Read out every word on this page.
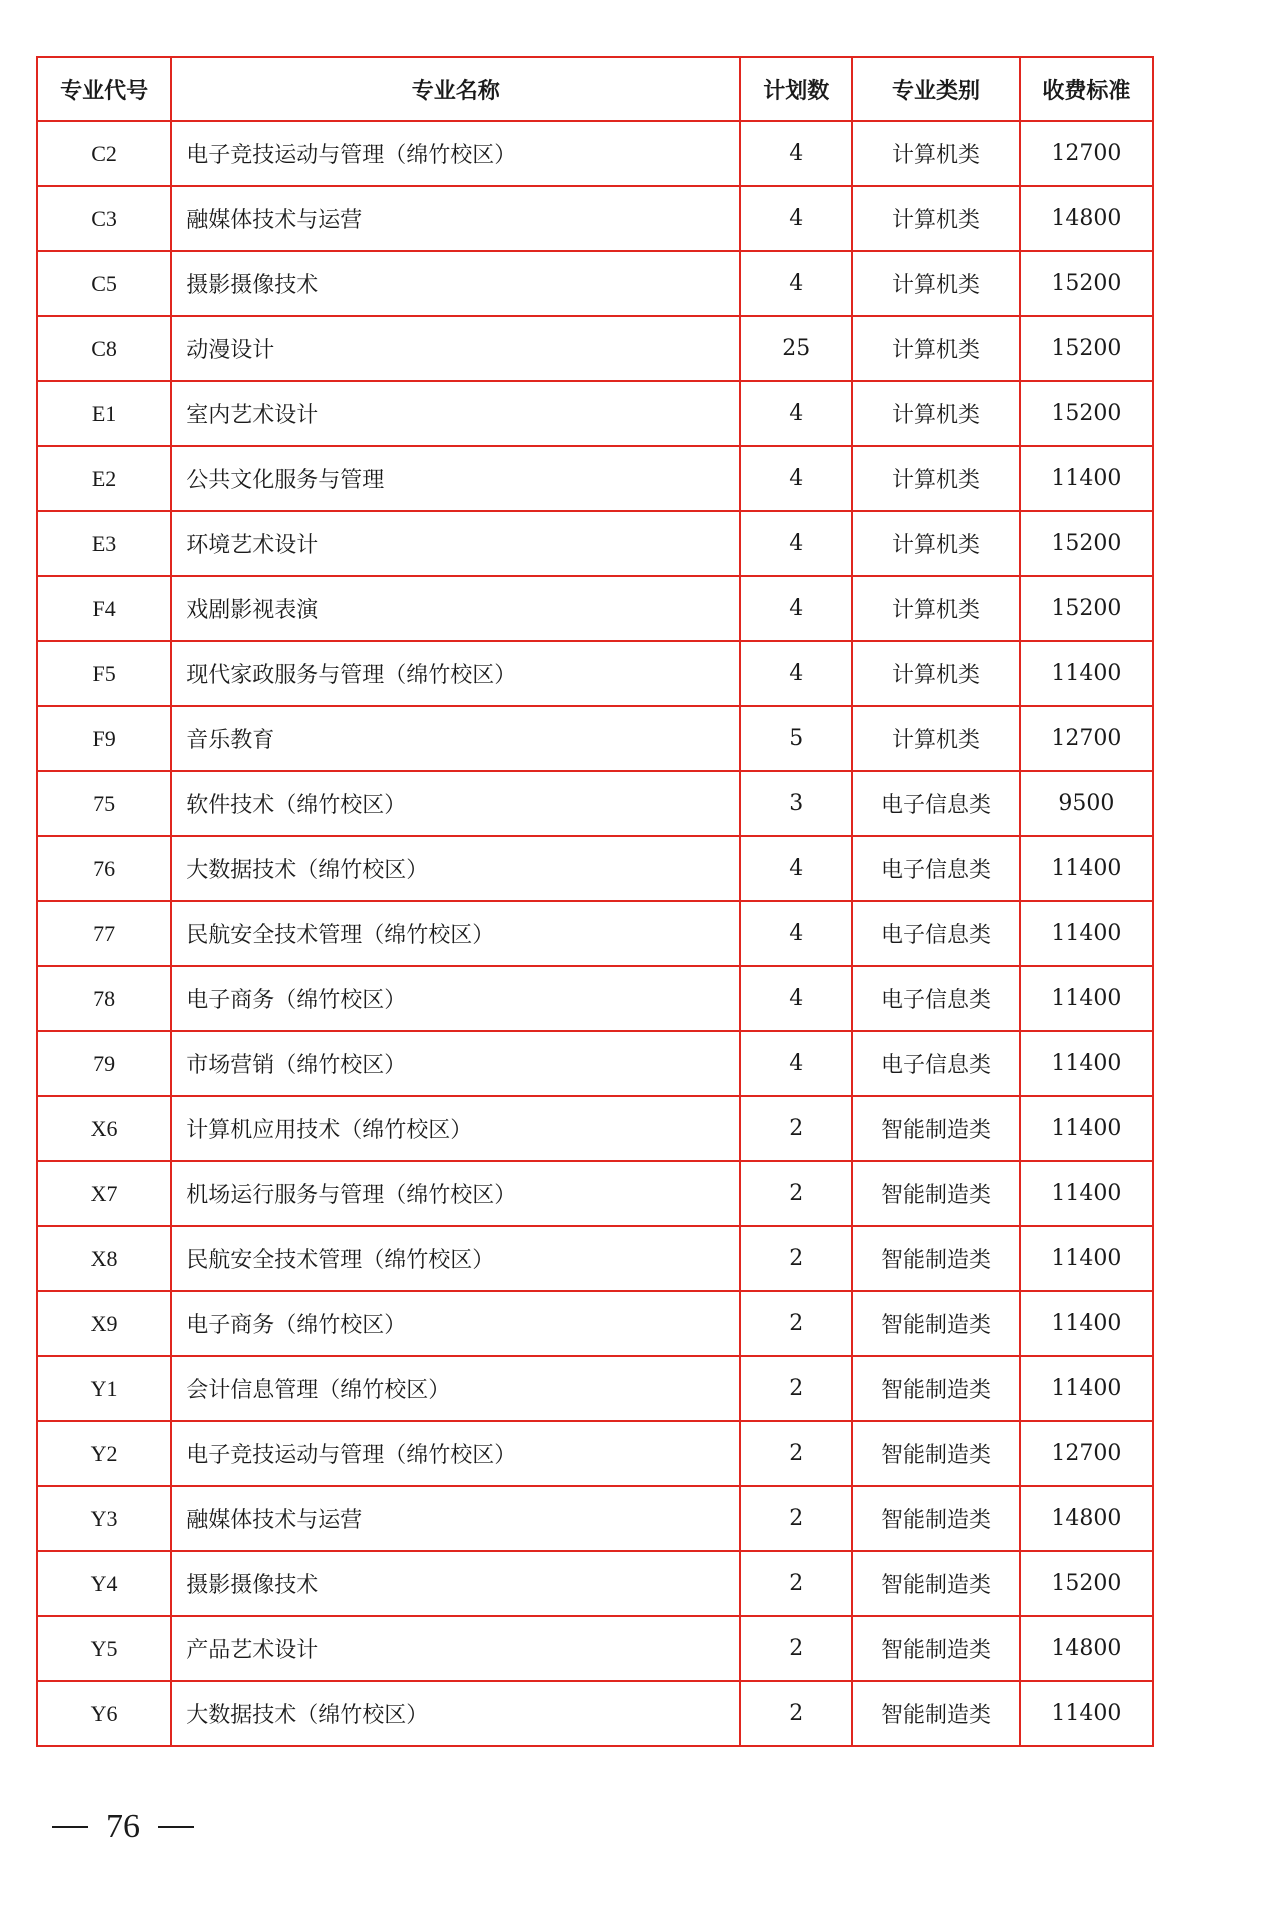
专业代号	专业名称	计划数	专业类别	收费标准
C2	电子竞技运动与管理（绵竹校区）	4	计算机类	12700
C3	融媒体技术与运营	4	计算机类	14800
C5	摄影摄像技术	4	计算机类	15200
C8	动漫设计	25	计算机类	15200
E1	室内艺术设计	4	计算机类	15200
E2	公共文化服务与管理	4	计算机类	11400
E3	环境艺术设计	4	计算机类	15200
F4	戏剧影视表演	4	计算机类	15200
F5	现代家政服务与管理（绵竹校区）	4	计算机类	11400
F9	音乐教育	5	计算机类	12700
75	软件技术（绵竹校区）	3	电子信息类	9500
76	大数据技术（绵竹校区）	4	电子信息类	11400
77	民航安全技术管理（绵竹校区）	4	电子信息类	11400
78	电子商务（绵竹校区）	4	电子信息类	11400
79	市场营销（绵竹校区）	4	电子信息类	11400
X6	计算机应用技术（绵竹校区）	2	智能制造类	11400
X7	机场运行服务与管理（绵竹校区）	2	智能制造类	11400
X8	民航安全技术管理（绵竹校区）	2	智能制造类	11400
X9	电子商务（绵竹校区）	2	智能制造类	11400
Y1	会计信息管理（绵竹校区）	2	智能制造类	11400
Y2	电子竞技运动与管理（绵竹校区）	2	智能制造类	12700
Y3	融媒体技术与运营	2	智能制造类	14800
Y4	摄影摄像技术	2	智能制造类	15200
Y5	产品艺术设计	2	智能制造类	14800
Y6	大数据技术（绵竹校区）	2	智能制造类	11400
76
